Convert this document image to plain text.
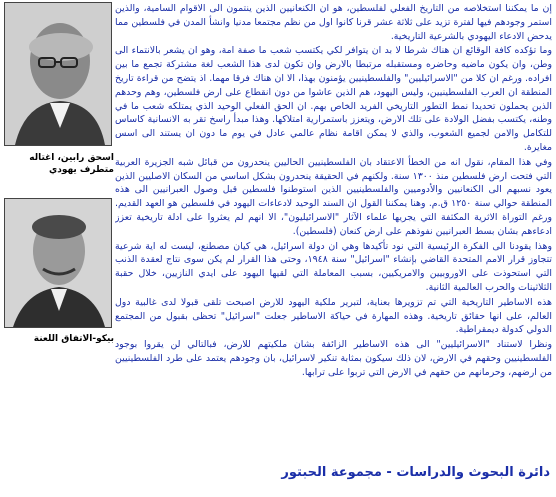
اسحق رابين، اغتاله متطرف يهودي
بيكو-الاتفاق اللعنة

إن ما يمكننا استخلاصه من التاريخ الفعلي لفلسطين، هو ان الكنعانيين الذين ينتمون الى الاقوام السامية، والذين استمر وجودهم فيها لفترة تزيد على ثلاثة عشر قرنا كانوا اول من نظم مجتمعا مدنيا وانشأ المدن في فلسطين مما يدحض الادعاء اليهودي بالشرعية التاريخية.

وما تؤكده كافة الوقائع ان هناك شرطا لا بد ان يتوافر لكي يكتسب شعب ما صفة امة، وهو ان يشعر بالانتماء الى وطن، وان يكون ماضيه وحاضره ومستقبله مرتبطا بالارض وان تكون لدى هذا الشعب لغة مشتركة تجمع ما بين افراده. ورغم ان كلا من "الاسرائيليين" والفلسطينيين يؤمنون بهذا، الا ان هناك فرقا مهما. اذ يتضح من قراءة تاريخ المنطقة ان العرب الفلسطينيين، وليس اليهود، هم الذين عاشوا من دون انقطاع على ارض فلسطين، وهم وحدهم الذين يحملون تحديدا نمط التطور التاريخي الفريد الخاص بهم. ان الحق الفعلي الوحيد الذي يمتلكه شعب ما في وطنه، يكتسب بفضل الولادة على تلك الارض، ويتعزز باستمرارية امتلاكها. وهذا مبدأ راسخ تقر به الانسانية كاساس للتكامل والامن لجميع الشعوب، والذي لا يمكن اقامة نظام عالمي عادل في يوم ما دون ان يستند الى اسس مغايرة.

وفي هذا المقام، نقول انه من الخطأ الاعتقاد بان الفلسطينيين الحاليين ينحدرون من قبائل شبه الجزيرة العربية التي فتحت ارض فلسطين منذ ١٣٠٠ سنة. ولكنهم في الحقيقة ينحدرون بشكل اساسي من السكان الاصليين الذين يعود نسبهم الى الكنعانيين والأدوميين والفلسطينيين الذين استوطنوا فلسطين قبل وصول العبرانيين الى هذه المنطقة حوالي سنة ١٢٥٠ ق.م. وهنا يمكننا القول ان السند الوحيد لادعاءات اليهود في فلسطين هو العهد القديم. ورغم التوراة الاثرية المكثفة التي يجريها علماء الآثار "الاسرائيليون"، الا انهم لم يعثروا على ادلة تاريخية تعزز ادعاءهم بشان بسط العبرانيين نفوذهم على ارض كنعان (فلسطين).

وهذا يقودنا الى الفكرة الرئيسية التي نود تأكيدها وهي ان دولة اسرائيل، هي كيان مصطنع، ليست له اية شرعية تتجاوز قرار الامم المتحدة القاضي بإنشاء "اسرائيل" سنة ١٩٤٨، وحتى هذا القرار لم يكن سوى نتاج لعقدة الذنب التي استحوذت على الاوروبيين والامريكيين، بسبب المعاملة التي لقيها اليهود على ايدي النازيين، خلال حقبة الثلاثينات والحرب العالمية الثانية.

هذه الاساطير التاريخية التي تم تزويرها بعناية، لتبرير ملكية اليهود للارض اصبحت تلقى قبولا لدى غالبية دول العالم، على انها حقائق تاريخية. وهذه المهارة في حياكة الاساطير جعلت "اسرائيل" تحظى بقبول من المجتمع الدولي كدولة ديمقراطية.

ونظرا لاستناد "الاسرائيليين" الى هذه الاساطير الزائفة بشان ملكيتهم للارض، فبالتالي لن يقروا بوجود الفلسطينيين وحقهم في الارض، لان ذلك سيكون بمثابة تنكير لاسرائيل، بان وجودهم يعتمد على طرد الفلسطينيين من ارضهم، وحرمانهم من حقهم في الارض التي تربوا على ترابها.

دائرة البحوث والدراسات - مجموعة الحبتور
